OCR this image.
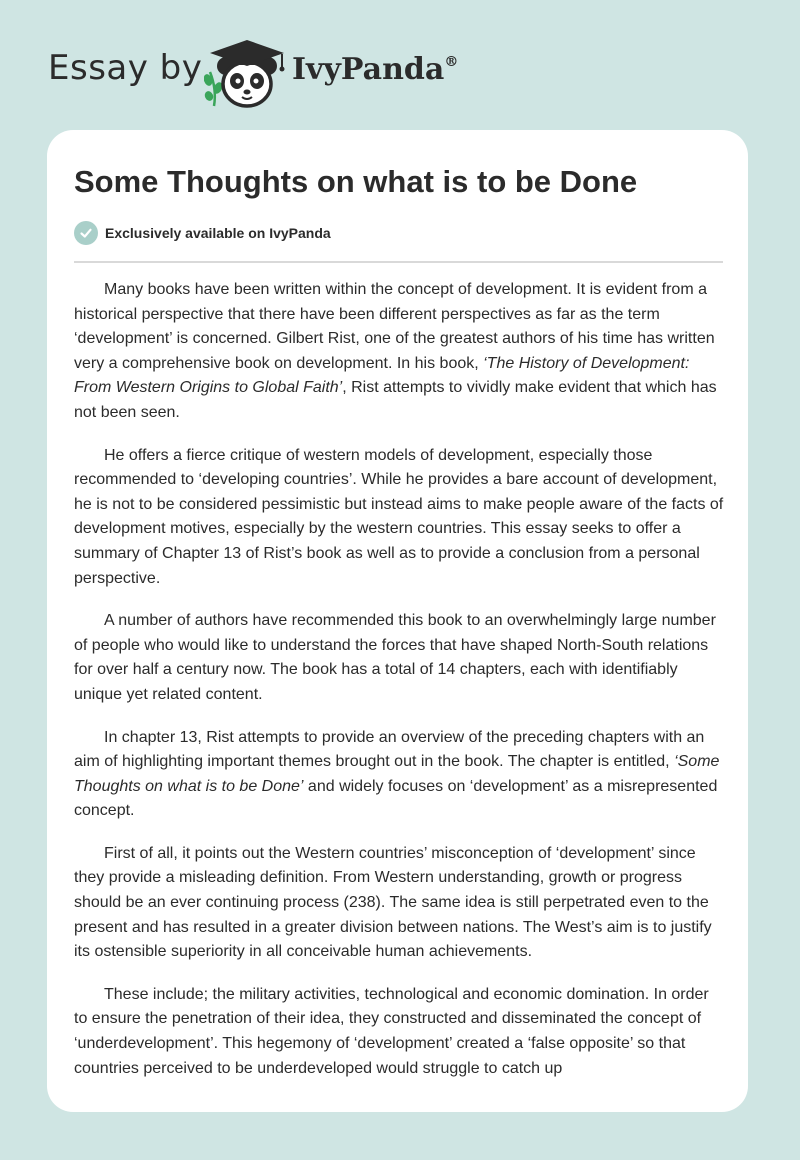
Essay by	IvyPanda®
Some Thoughts on what is to be Done
Exclusively available on IvyPanda

Many books have been written within the concept of development. It is evident from a historical perspective that there have been different perspectives as far as the term ‘development’ is concerned. Gilbert Rist, one of the greatest authors of his time has written very a comprehensive book on development. In his book, ‘The History of Development: From Western Origins to Global Faith’, Rist attempts to vividly make evident that which has not been seen.

He offers a fierce critique of western models of development, especially those recommended to ‘developing countries’. While he provides a bare account of development, he is not to be considered pessimistic but instead aims to make people aware of the facts of development motives, especially by the western countries. This essay seeks to offer a summary of Chapter 13 of Rist’s book as well as to provide a conclusion from a personal perspective.

A number of authors have recommended this book to an overwhelmingly large number of people who would like to understand the forces that have shaped North-South relations for over half a century now. The book has a total of 14 chapters, each with identifiably unique yet related content.

In chapter 13, Rist attempts to provide an overview of the preceding chapters with an aim of highlighting important themes brought out in the book. The chapter is entitled, ‘Some Thoughts on what is to be Done’ and widely focuses on ‘development’ as a misrepresented concept.

First of all, it points out the Western countries’ misconception of ‘development’ since they provide a misleading definition. From Western understanding, growth or progress should be an ever continuing process (238). The same idea is still perpetrated even to the present and has resulted in a greater division between nations. The West’s aim is to justify its ostensible superiority in all conceivable human achievements.

These include; the military activities, technological and economic domination. In order to ensure the penetration of their idea, they constructed and disseminated the concept of ‘underdevelopment’. This hegemony of ‘development’ created a ‘false opposite’ so that countries perceived to be underdeveloped would struggle to catch up
